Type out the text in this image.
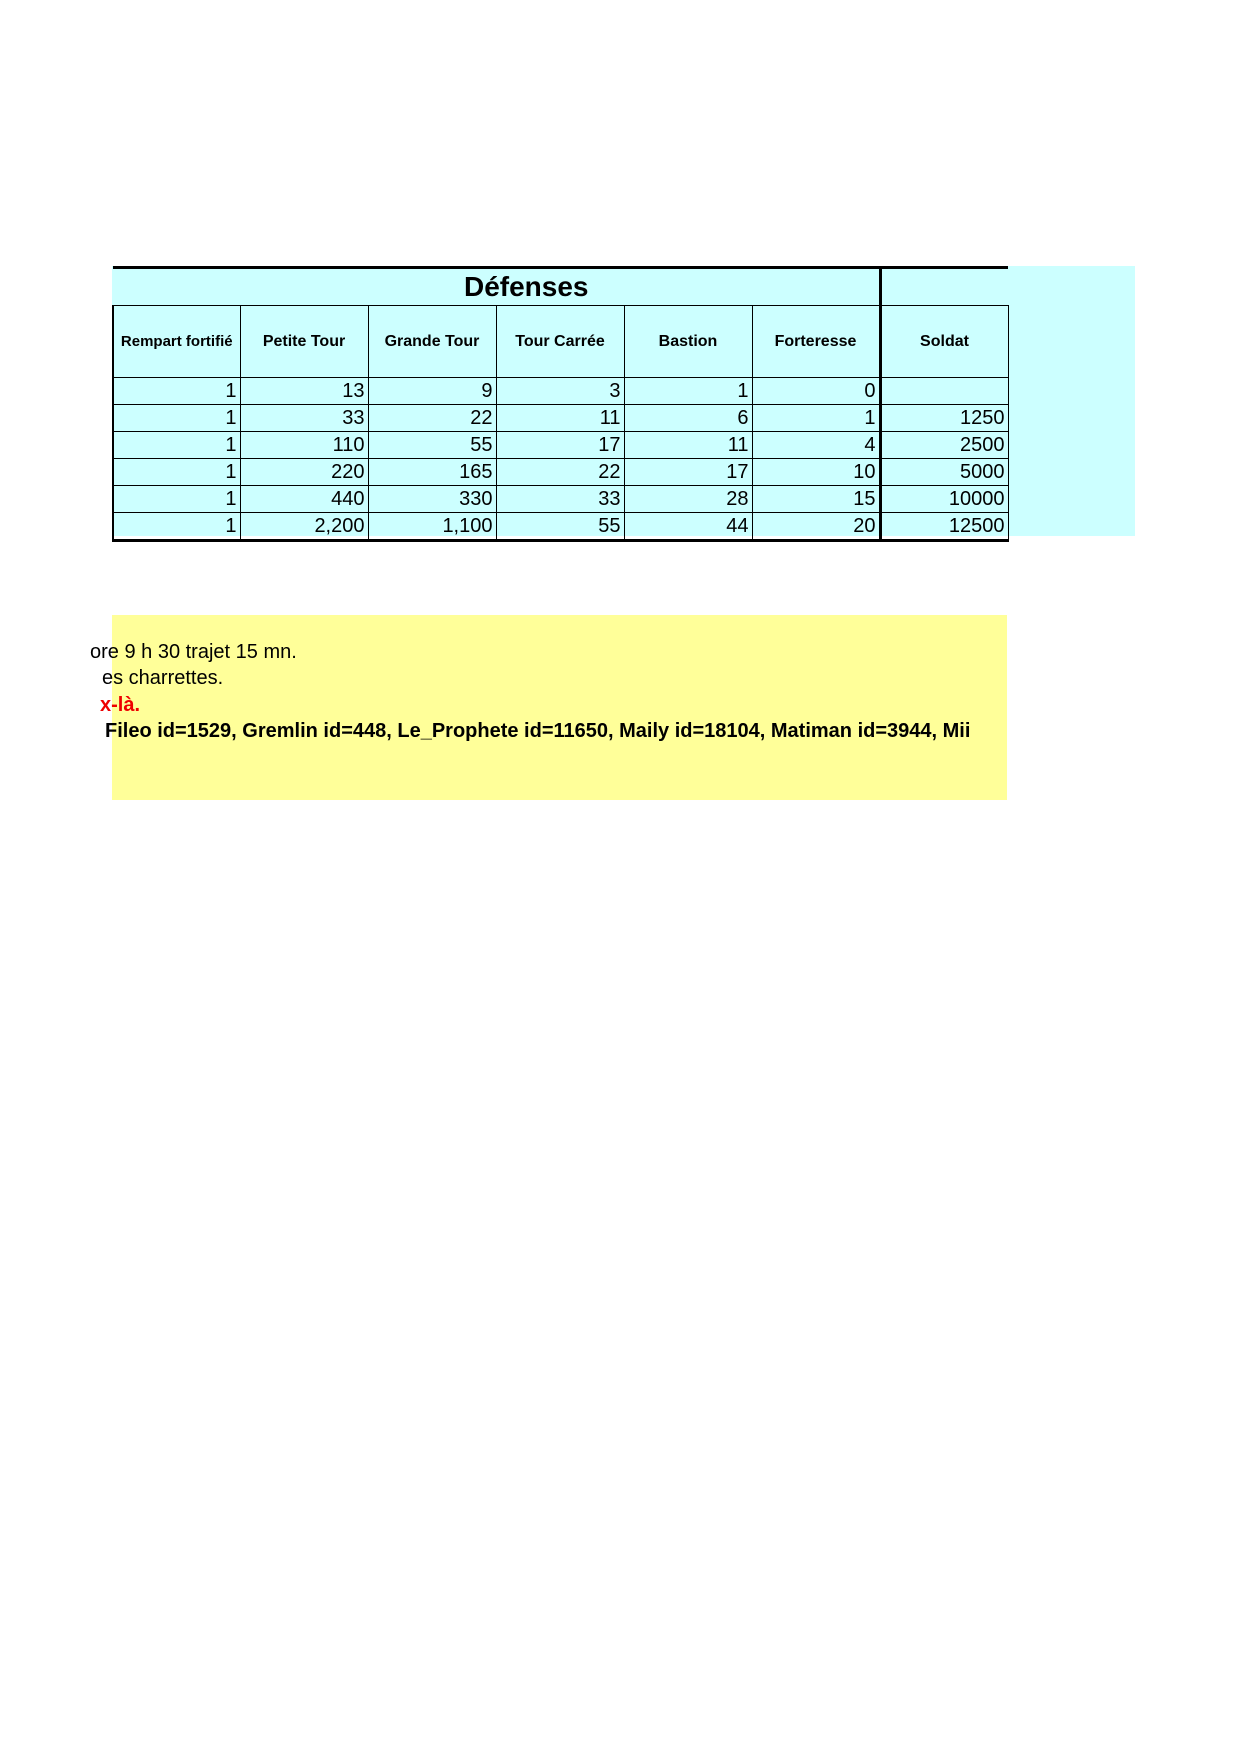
Défenses						
Rempart fortifié	Petite Tour	Grande Tour	Tour Carrée	Bastion	Forteresse	Soldat
1	13	9	3	1	0	
1	33	22	11	6	1	1250
1	110	55	17	11	4	2500
1	220	165	22	17	10	5000
1	440	330	33	28	15	10000
1	2,200	1,100	55	44	20	12500
ore 9 h 30 trajet 15 mn.
es charrettes.
x-là.
Fileo id=1529, Gremlin id=448, Le_Prophete id=11650, Maily id=18104, Matiman id=3944, Mii
